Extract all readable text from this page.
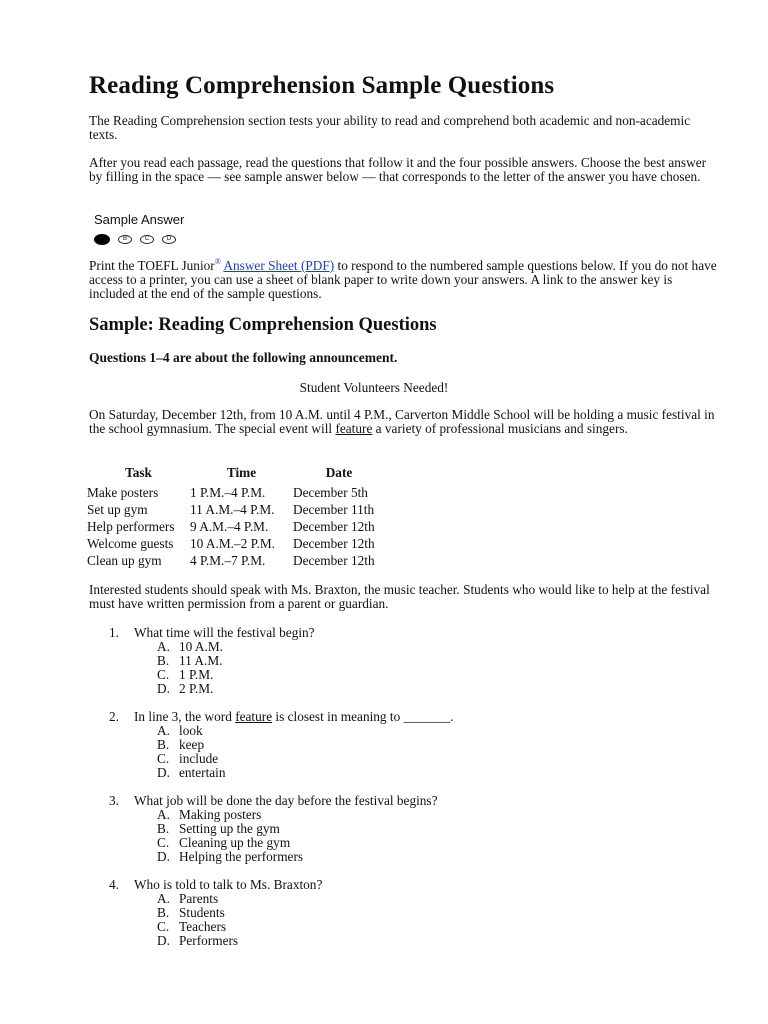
Reading Comprehension Sample Questions

The Reading Comprehension section tests your ability to read and comprehend both academic and non-academic texts.

After you read each passage, read the questions that follow it and the four possible answers. Choose the best answer by filling in the space — see sample answer below — that corresponds to the letter of the answer you have chosen.

Sample Answer

B	C	D

Print the TOEFL Junior® Answer Sheet (PDF) to respond to the numbered sample questions below. If you do not have access to a printer, you can use a sheet of blank paper to write down your answers. A link to the answer key is included at the end of the sample questions.

Sample: Reading Comprehension Questions
Questions 1–4 are about the following announcement.

Student Volunteers Needed!

On Saturday, December 12th, from 10 A.M. until 4 P.M., Carverton Middle School will be holding a music festival in the school gymnasium. The special event will feature a variety of professional musicians and singers.

Task	Time	Date
Make posters	1 P.M.–4 P.M.	December 5th
Set up gym	11 A.M.–4 P.M.	December 11th
Help performers	9 A.M.–4 P.M.	December 12th
Welcome guests	10 A.M.–2 P.M.	December 12th
Clean up gym	4 P.M.–7 P.M.	December 12th

Interested students should speak with Ms. Braxton, the music teacher. Students who would like to help at the festival must have written permission from a parent or guardian.

1. What time will the festival begin?
A. 10 A.M.
B. 11 A.M.
C. 1 P.M.
D. 2 P.M.
2. In line 3, the word feature is closest in meaning to _______.
A. look
B. keep
C. include
D. entertain
3. What job will be done the day before the festival begins?
A. Making posters
B. Setting up the gym
C. Cleaning up the gym
D. Helping the performers
4. Who is told to talk to Ms. Braxton?
A. Parents
B. Students
C. Teachers
D. Performers
